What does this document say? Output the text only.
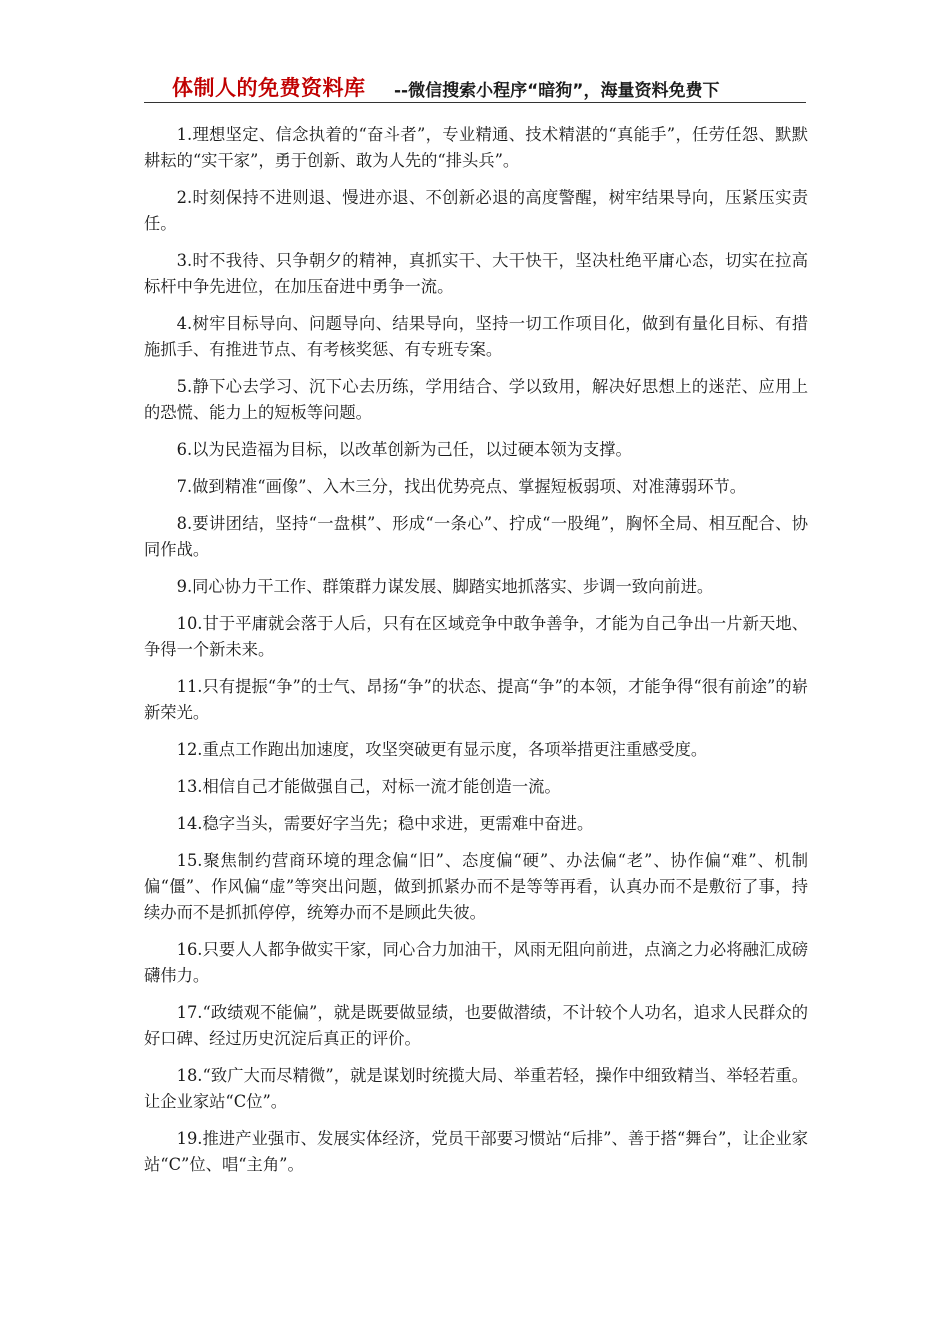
体制人的免费资料库 --微信搜索小程序“暗狗”，海量资料免费下

1.理想坚定、信念执着的“奋斗者”，专业精通、技术精湛的“真能手”，任劳任怨、默默耕耘的“实干家”，勇于创新、敢为人先的“排头兵”。

2.时刻保持不进则退、慢进亦退、不创新必退的高度警醒，树牢结果导向，压紧压实责任。

3.时不我待、只争朝夕的精神，真抓实干、大干快干，坚决杜绝平庸心态，切实在拉高标杆中争先进位，在加压奋进中勇争一流。

4.树牢目标导向、问题导向、结果导向，坚持一切工作项目化，做到有量化目标、有措施抓手、有推进节点、有考核奖惩、有专班专案。

5.静下心去学习、沉下心去历练，学用结合、学以致用，解决好思想上的迷茫、应用上的恐慌、能力上的短板等问题。

6.以为民造福为目标，以改革创新为己任，以过硬本领为支撑。

7.做到精准“画像”、入木三分，找出优势亮点、掌握短板弱项、对准薄弱环节。

8.要讲团结，坚持“一盘棋”、形成“一条心”、拧成“一股绳”，胸怀全局、相互配合、协同作战。

9.同心协力干工作、群策群力谋发展、脚踏实地抓落实、步调一致向前进。

10.甘于平庸就会落于人后，只有在区域竞争中敢争善争，才能为自己争出一片新天地、争得一个新未来。

11.只有提振“争”的士气、昂扬“争”的状态、提高“争”的本领，才能争得“很有前途”的崭新荣光。

12.重点工作跑出加速度，攻坚突破更有显示度，各项举措更注重感受度。

13.相信自己才能做强自己，对标一流才能创造一流。

14.稳字当头，需要好字当先；稳中求进，更需难中奋进。

15.聚焦制约营商环境的理念偏“旧”、态度偏“硬”、办法偏“老”、协作偏“难”、机制偏“僵”、作风偏“虚”等突出问题，做到抓紧办而不是等等再看，认真办而不是敷衍了事，持续办而不是抓抓停停，统筹办而不是顾此失彼。

16.只要人人都争做实干家，同心合力加油干，风雨无阻向前进，点滴之力必将融汇成磅礴伟力。

17.“政绩观不能偏”，就是既要做显绩，也要做潜绩，不计较个人功名，追求人民群众的好口碑、经过历史沉淀后真正的评价。

18.“致广大而尽精微”，就是谋划时统揽大局、举重若轻，操作中细致精当、举轻若重。让企业家站“C位”。

19.推进产业强市、发展实体经济，党员干部要习惯站“后排”、善于搭“舞台”，让企业家站“C”位、唱“主角”。
